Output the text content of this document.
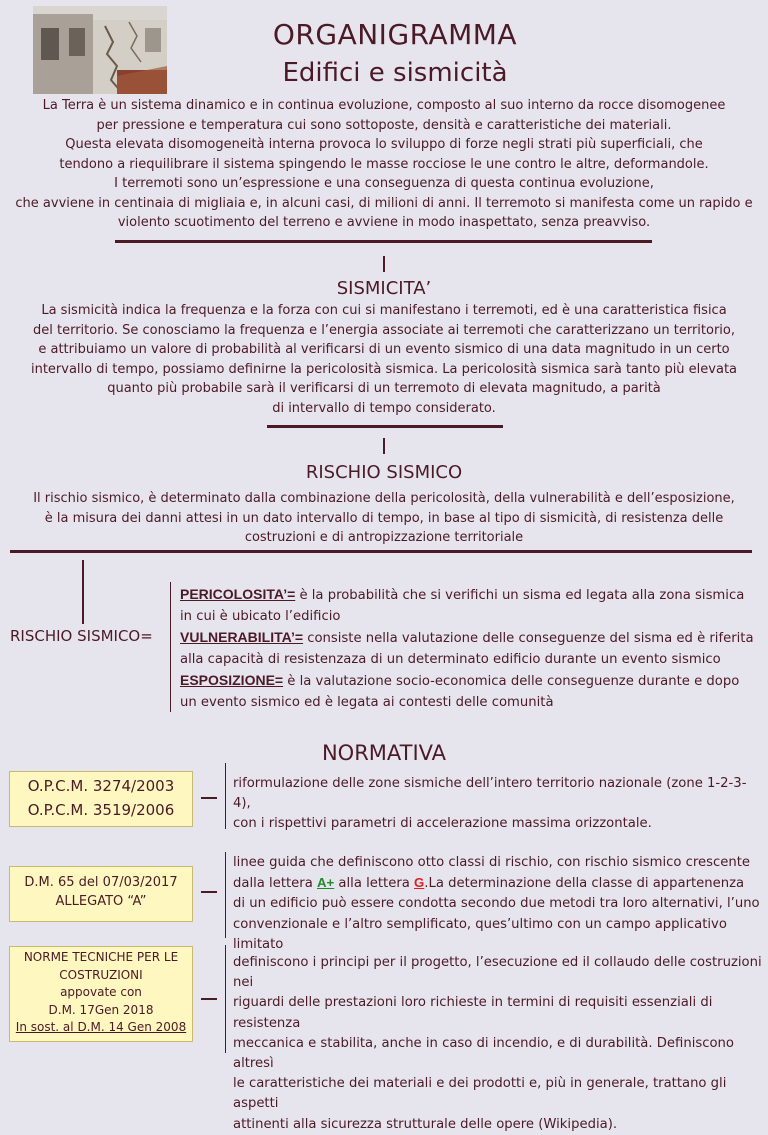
ORGANIGRAMMA
Edifici e sismicità
La Terra è un sistema dinamico e in continua evoluzione, composto al suo interno da rocce disomogenee
per pressione e temperatura cui sono sottoposte, densità e caratteristiche dei materiali.
Questa elevata disomogeneità interna provoca lo sviluppo di forze negli strati più superficiali, che
tendono a riequilibrare il sistema spingendo le masse rocciose le une contro le altre, deformandole.
I terremoti sono un’espressione e una conseguenza di questa continua evoluzione,
che avviene in centinaia di migliaia e, in alcuni casi, di milioni di anni. Il terremoto si manifesta come un rapido e
violento scuotimento del terreno e avviene in modo inaspettato, senza preavviso.
SISMICITA’
La sismicità indica la frequenza e la forza con cui si manifestano i terremoti, ed è una caratteristica fisica
del territorio. Se conosciamo la frequenza e l’energia associate ai terremoti che caratterizzano un territorio,
e attribuiamo un valore di probabilità al verificarsi di un evento sismico di una data magnitudo in un certo
intervallo di tempo, possiamo definirne la pericolosità sismica. La pericolosità sismica sarà tanto più elevata
quanto più probabile sarà il verificarsi di un terremoto di elevata magnitudo, a parità
di intervallo di tempo considerato.
RISCHIO SISMICO
Il rischio sismico, è determinato dalla combinazione della pericolosità, della vulnerabilità e dell’esposizione,
è la misura dei danni attesi in un dato intervallo di tempo, in base al tipo di sismicità, di resistenza delle
costruzioni e di antropizzazione territoriale
RISCHIO SISMICO=
PERICOLOSITA’= è la probabilità che si verifichi un sisma ed legata alla zona sismica
in cui è ubicato l’edificio
VULNERABILITA’= consiste nella valutazione delle conseguenze del sisma ed è riferita
alla capacità di resistenzaza di un determinato edificio durante un evento sismico
ESPOSIZIONE= è la valutazione socio-economica delle conseguenze durante e dopo
un evento sismico ed è legata ai contesti delle comunità
NORMATIVA
O.P.C.M. 3274/2003
O.P.C.M. 3519/2006
riformulazione delle zone sismiche dell’intero territorio nazionale (zone 1-2-3-4),
con i rispettivi parametri di accelerazione massima orizzontale.
D.M. 65 del 07/03/2017
ALLEGATO “A”
linee guida che definiscono otto classi di rischio, con rischio sismico crescente
dalla lettera A+ alla lettera G.La determinazione della classe di appartenenza
di un edificio può essere condotta secondo due metodi tra loro alternativi, l’uno
convenzionale e l’altro semplificato, ques’ultimo con un campo applicativo limitato
NORME TECNICHE PER LE
COSTRUZIONI
appovate con
D.M. 17Gen 2018
In sost. al D.M. 14 Gen 2008
definiscono i principi per il progetto, l’esecuzione ed il collaudo delle costruzioni nei
riguardi delle prestazioni loro richieste in termini di requisiti essenziali di resistenza
meccanica e stabilita, anche in caso di incendio, e di durabilità. Definiscono altresì
le caratteristiche dei materiali e dei prodotti e, più in generale, trattano gli aspetti
attinenti alla sicurezza strutturale delle opere (Wikipedia).
